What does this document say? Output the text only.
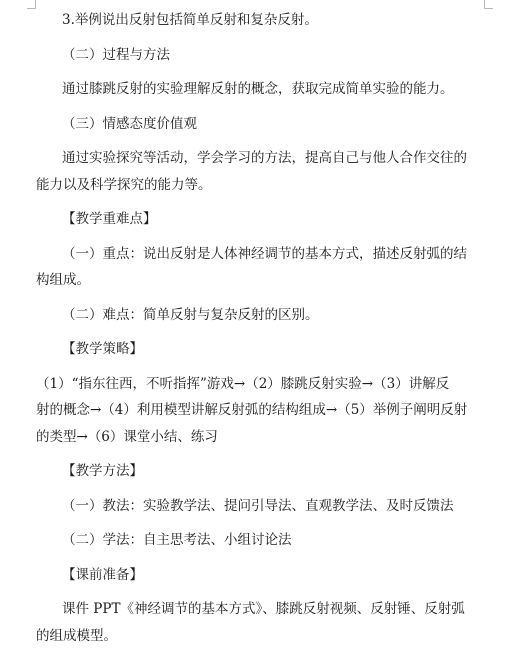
3.举例说出反射包括简单反射和复杂反射。
（二）过程与方法
通过膝跳反射的实验理解反射的概念，获取完成简单实验的能力。
（三）情感态度价值观
通过实验探究等活动，学会学习的方法，提高自己与他人合作交往的
能力以及科学探究的能力等。
【教学重难点】
（一）重点：说出反射是人体神经调节的基本方式，描述反射弧的结
构组成。
（二）难点：简单反射与复杂反射的区别。
【教学策略】
（1）“指东往西，不听指挥”游戏→（2）膝跳反射实验→（3）讲解反
射的概念→（4）利用模型讲解反射弧的结构组成→（5）举例子阐明反射
的类型→（6）课堂小结、练习
【教学方法】
（一）教法：实验教学法、提问引导法、直观教学法、及时反馈法
（二）学法：自主思考法、小组讨论法
【课前准备】
课件 PPT《神经调节的基本方式》、膝跳反射视频、反射锤、反射弧
的组成模型。
